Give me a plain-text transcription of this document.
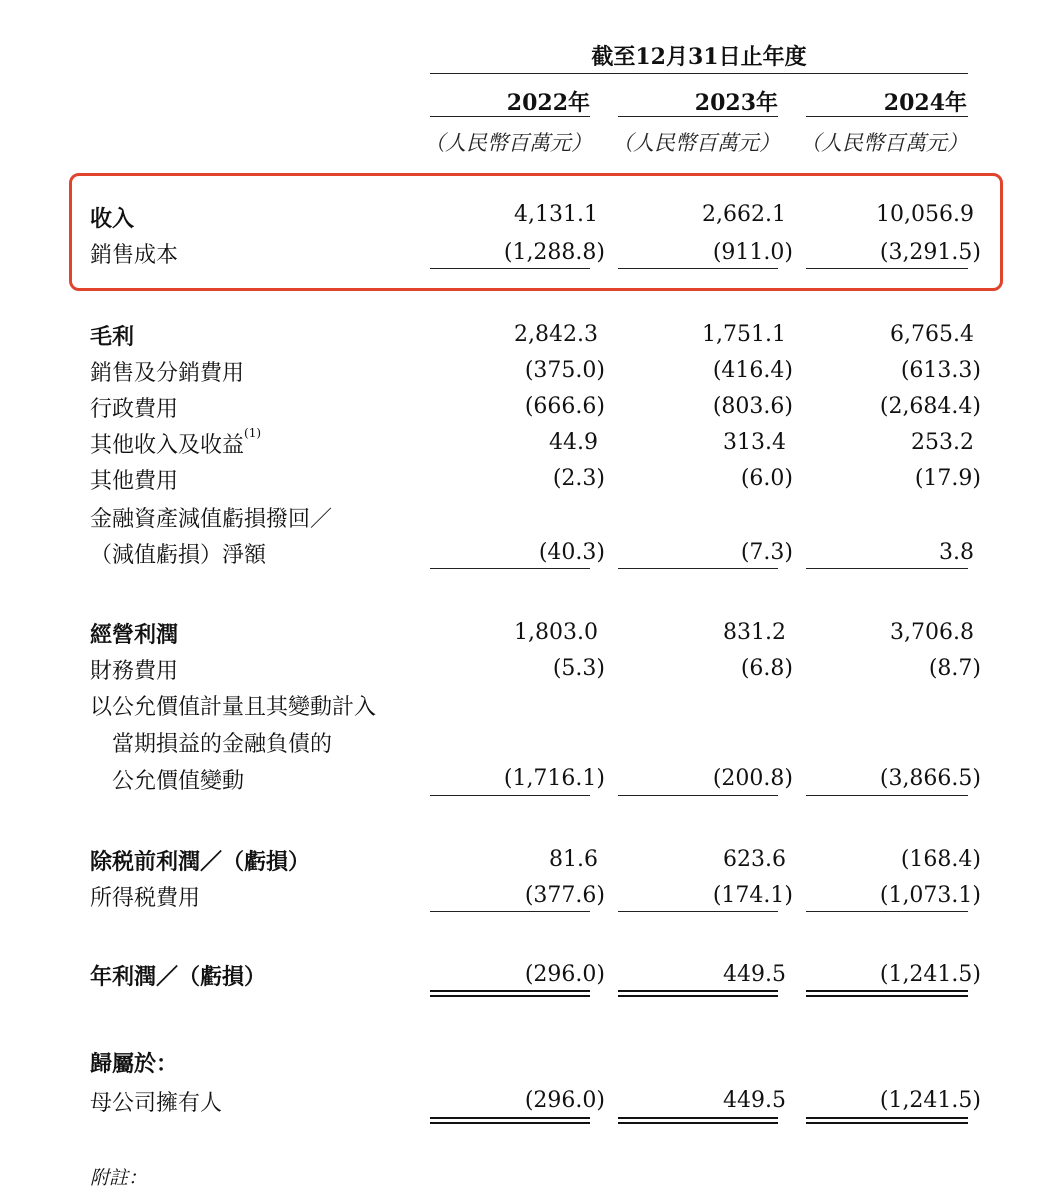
截至12月31日止年度
2022年	2023年	2024年
（人民幣百萬元） （人民幣百萬元） （人民幣百萬元）
收入	4,131.1	2,662.1	10,056.9
銷售成本	(1,288.8)	(911.0)	(3,291.5)
毛利	2,842.3	1,751.1	6,765.4
銷售及分銷費用	(375.0)	(416.4)	(613.3)
行政費用	(666.6)	(803.6)	(2,684.4)
其他收入及收益$^{(1)}$	44.9	313.4	253.2
其他費用	(2.3)	(6.0)	(17.9)
金融資產減值虧損撥回／
（減值虧損）淨額	(40.3)	(7.3)	3.8
經營利潤	1,803.0	831.2	3,706.8
財務費用	(5.3)	(6.8)	(8.7)
以公允價值計量且其變動計入
當期損益的金融負債的
公允價值變動	(1,716.1)	(200.8)	(3,866.5)
除税前利潤／（虧損）	81.6	623.6	(168.4)
所得税費用	(377.6)	(174.1)	(1,073.1)
年利潤／（虧損）	(296.0)	449.5	(1,241.5)
歸屬於：
母公司擁有人	(296.0)	449.5	(1,241.5)
附註：
